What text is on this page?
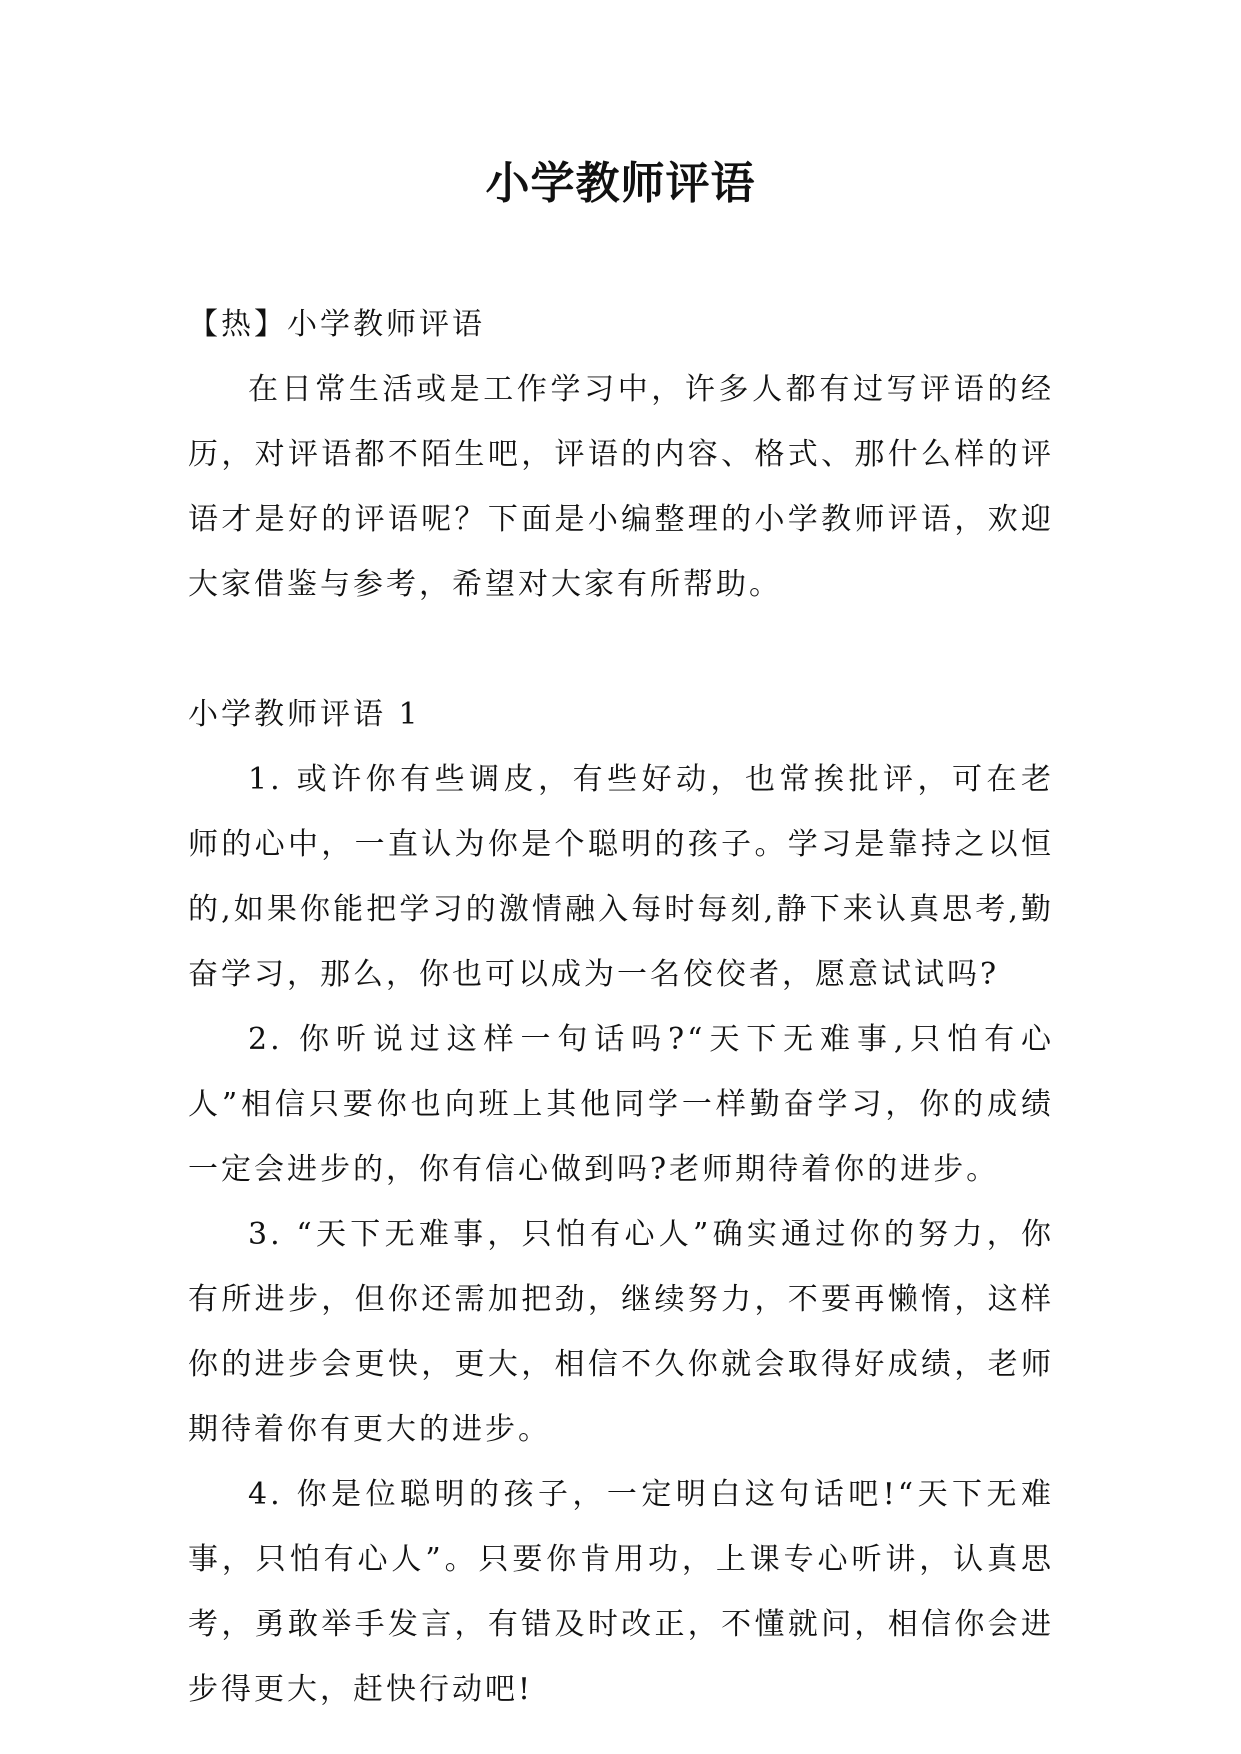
小学教师评语

【热】小学教师评语

在日常生活或是工作学习中，许多人都有过写评语的经历，对评语都不陌生吧，评语的内容、格式、那什么样的评语才是好的评语呢？下面是小编整理的小学教师评语，欢迎大家借鉴与参考，希望对大家有所帮助。

小学教师评语 1

1. 或许你有些调皮，有些好动，也常挨批评，可在老师的心中，一直认为你是个聪明的孩子。学习是靠持之以恒的,如果你能把学习的激情融入每时每刻,静下来认真思考,勤奋学习，那么，你也可以成为一名佼佼者，愿意试试吗?

2. 你听说过这样一句话吗?“天下无难事,只怕有心人”相信只要你也向班上其他同学一样勤奋学习，你的成绩一定会进步的，你有信心做到吗?老师期待着你的进步。

3. “天下无难事，只怕有心人”确实通过你的努力，你有所进步，但你还需加把劲，继续努力，不要再懒惰，这样你的进步会更快，更大，相信不久你就会取得好成绩，老师期待着你有更大的进步。

4. 你是位聪明的孩子，一定明白这句话吧!“天下无难事，只怕有心人”。只要你肯用功，上课专心听讲，认真思考，勇敢举手发言，有错及时改正，不懂就问，相信你会进步得更大，赶快行动吧!
